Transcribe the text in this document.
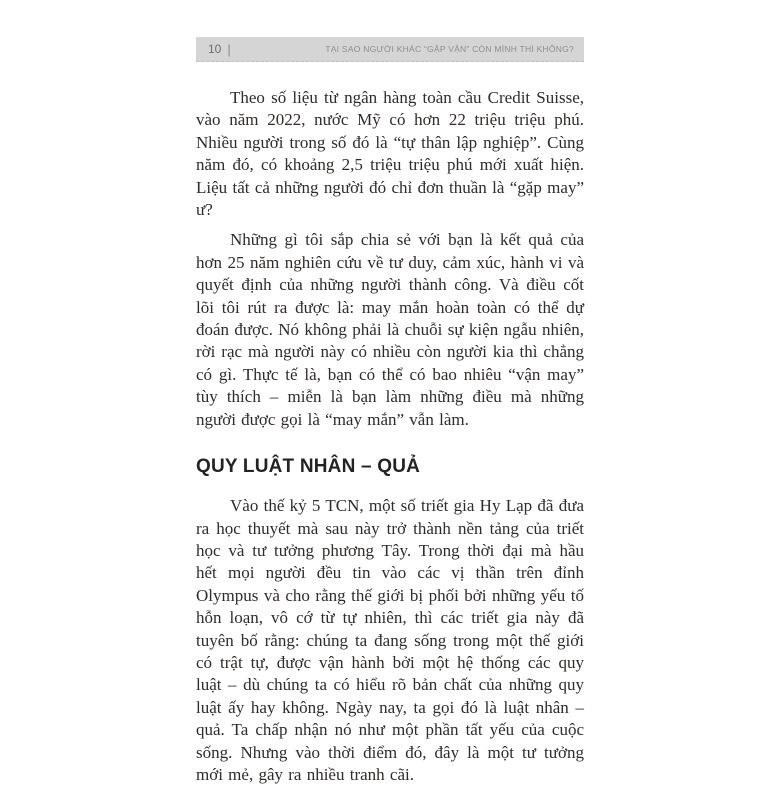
10 |	TẠI SAO NGƯỜI KHÁC “GẶP VẬN” CÒN MÌNH THÌ KHÔNG?

Theo số liệu từ ngân hàng toàn cầu Credit Suisse, vào năm 2022, nước Mỹ có hơn 22 triệu triệu phú. Nhiều người trong số đó là “tự thân lập nghiệp”. Cùng năm đó, có khoảng 2,5 triệu triệu phú mới xuất hiện. Liệu tất cả những người đó chỉ đơn thuần là “gặp may” ư?

Những gì tôi sắp chia sẻ với bạn là kết quả của hơn 25 năm nghiên cứu về tư duy, cảm xúc, hành vi và quyết định của những người thành công. Và điều cốt lõi tôi rút ra được là: may mắn hoàn toàn có thể dự đoán được. Nó không phải là chuỗi sự kiện ngẫu nhiên, rời rạc mà người này có nhiều còn người kia thì chẳng có gì. Thực tế là, bạn có thể có bao nhiêu “vận may” tùy thích – miễn là bạn làm những điều mà những người được gọi là “may mắn” vẫn làm.

QUY LUẬT NHÂN – QUẢ

Vào thế kỷ 5 TCN, một số triết gia Hy Lạp đã đưa ra học thuyết mà sau này trở thành nền tảng của triết học và tư tưởng phương Tây. Trong thời đại mà hầu hết mọi người đều tin vào các vị thần trên đỉnh Olympus và cho rằng thế giới bị phối bởi những yếu tố hỗn loạn, vô cớ từ tự nhiên, thì các triết gia này đã tuyên bố rằng: chúng ta đang sống trong một thế giới có trật tự, được vận hành bởi một hệ thống các quy luật – dù chúng ta có hiểu rõ bản chất của những quy luật ấy hay không. Ngày nay, ta gọi đó là luật nhân – quả. Ta chấp nhận nó như một phần tất yếu của cuộc sống. Nhưng vào thời điểm đó, đây là một tư tưởng mới mẻ, gây ra nhiều tranh cãi.
